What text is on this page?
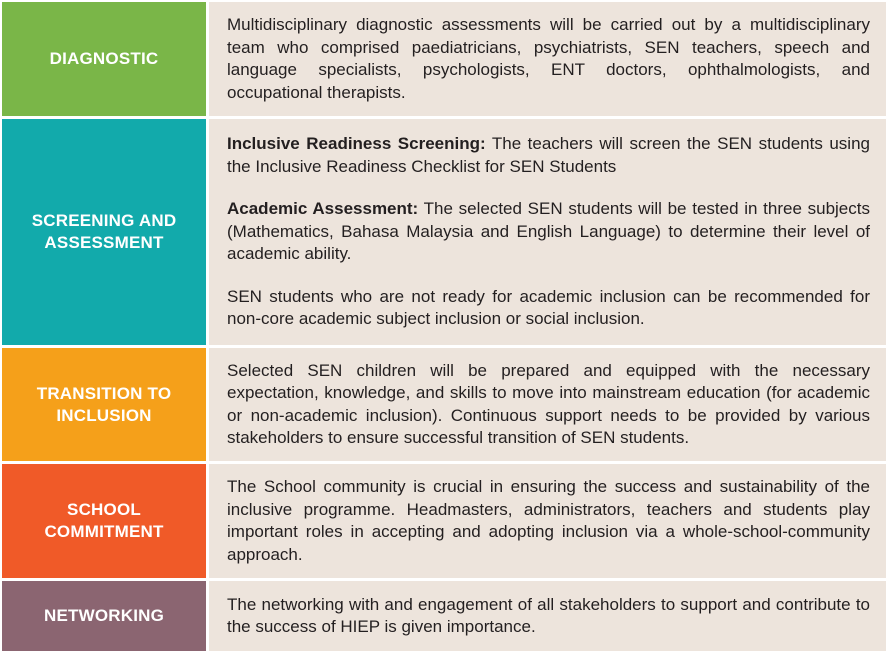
DIAGNOSTIC

Multidisciplinary diagnostic assessments will be carried out by a multidisciplinary team who comprised paediatricians, psychiatrists, SEN teachers, speech and language specialists, psychologists, ENT doctors, ophthalmologists, and occupational therapists.

SCREENING AND ASSESSMENT

Inclusive Readiness Screening: The teachers will screen the SEN students using the Inclusive Readiness Checklist for SEN Students

Academic Assessment: The selected SEN students will be tested in three subjects (Mathematics, Bahasa Malaysia and English Language) to determine their level of academic ability.

SEN students who are not ready for academic inclusion can be recommended for non-core academic subject inclusion or social inclusion.

TRANSITION TO INCLUSION

Selected SEN children will be prepared and equipped with the necessary expectation, knowledge, and skills to move into mainstream education (for academic or non-academic inclusion). Continuous support needs to be provided by various stakeholders to ensure successful transition of SEN students.

SCHOOL COMMITMENT

The School community is crucial in ensuring the success and sustainability of the inclusive programme. Headmasters, administrators, teachers and students play important roles in accepting and adopting inclusion via a whole-school-community approach.

NETWORKING

The networking with and engagement of all stakeholders to support and contribute to the success of HIEP is given importance.
